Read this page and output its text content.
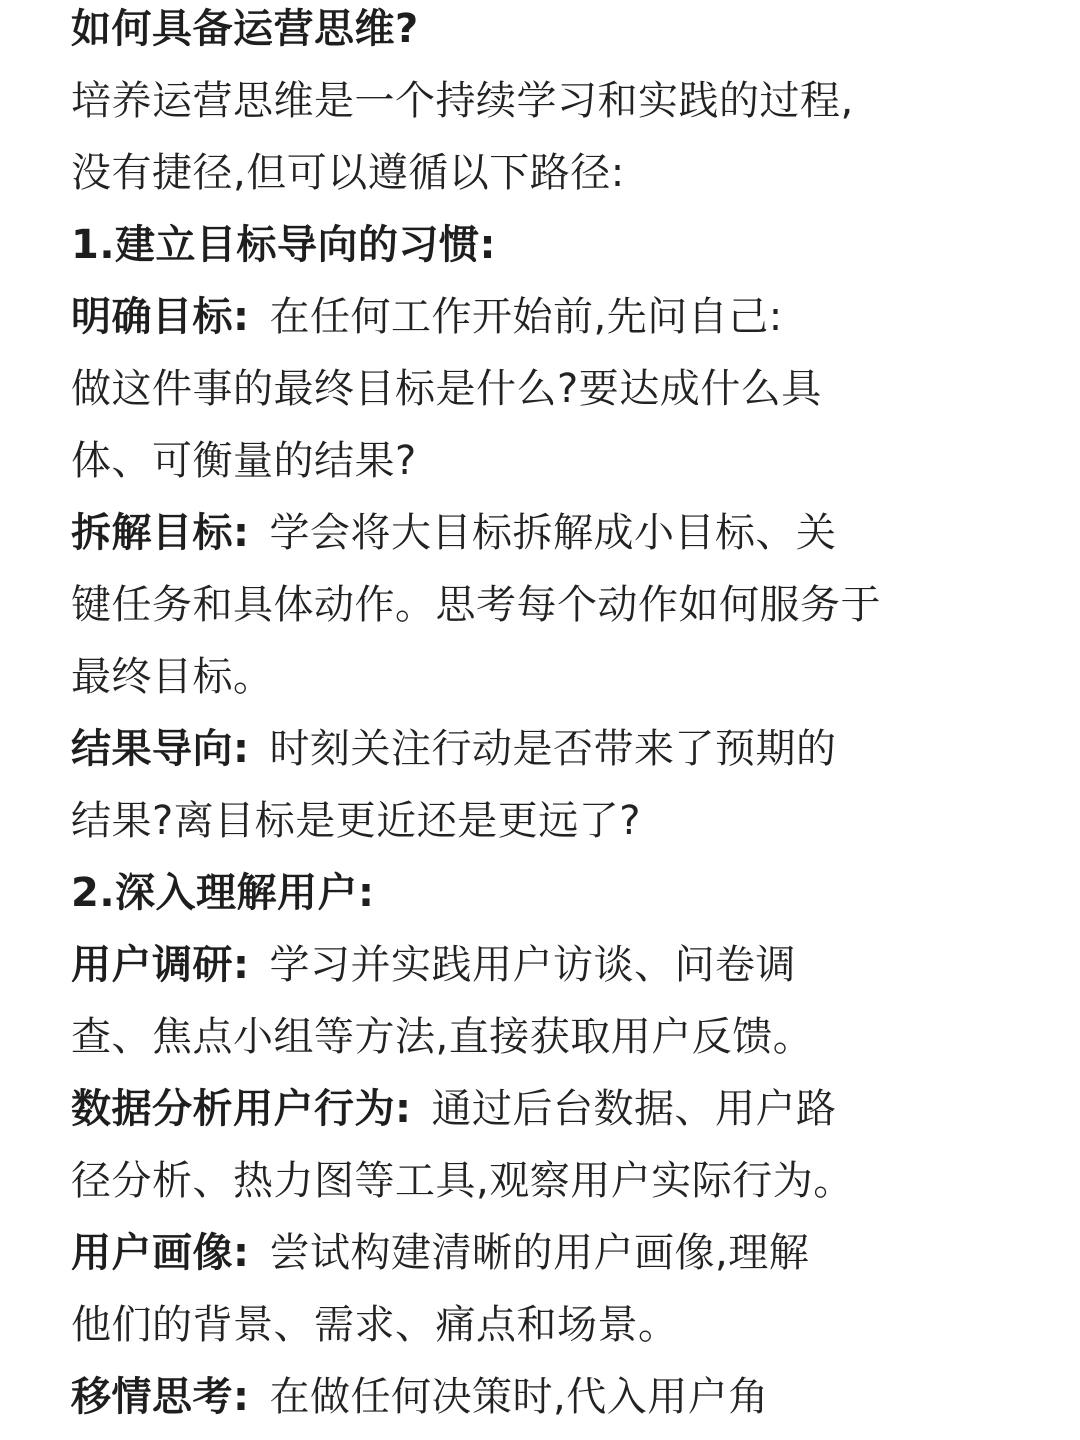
如何具备运营思维?
培养运营思维是一个持续学习和实践的过程,
没有捷径,但可以遵循以下路径:
1.建立目标导向的习惯:
明确目标: 在任何工作开始前,先问自己:
做这件事的最终目标是什么?要达成什么具
体、可衡量的结果?
拆解目标: 学会将大目标拆解成小目标、关
键任务和具体动作。思考每个动作如何服务于
最终目标。
结果导向: 时刻关注行动是否带来了预期的
结果?离目标是更近还是更远了?
2.深入理解用户:
用户调研: 学习并实践用户访谈、问卷调
查、焦点小组等方法,直接获取用户反馈。
数据分析用户行为: 通过后台数据、用户路
径分析、热力图等工具,观察用户实际行为。
用户画像: 尝试构建清晰的用户画像,理解
他们的背景、需求、痛点和场景。
移情思考: 在做任何决策时,代入用户角
